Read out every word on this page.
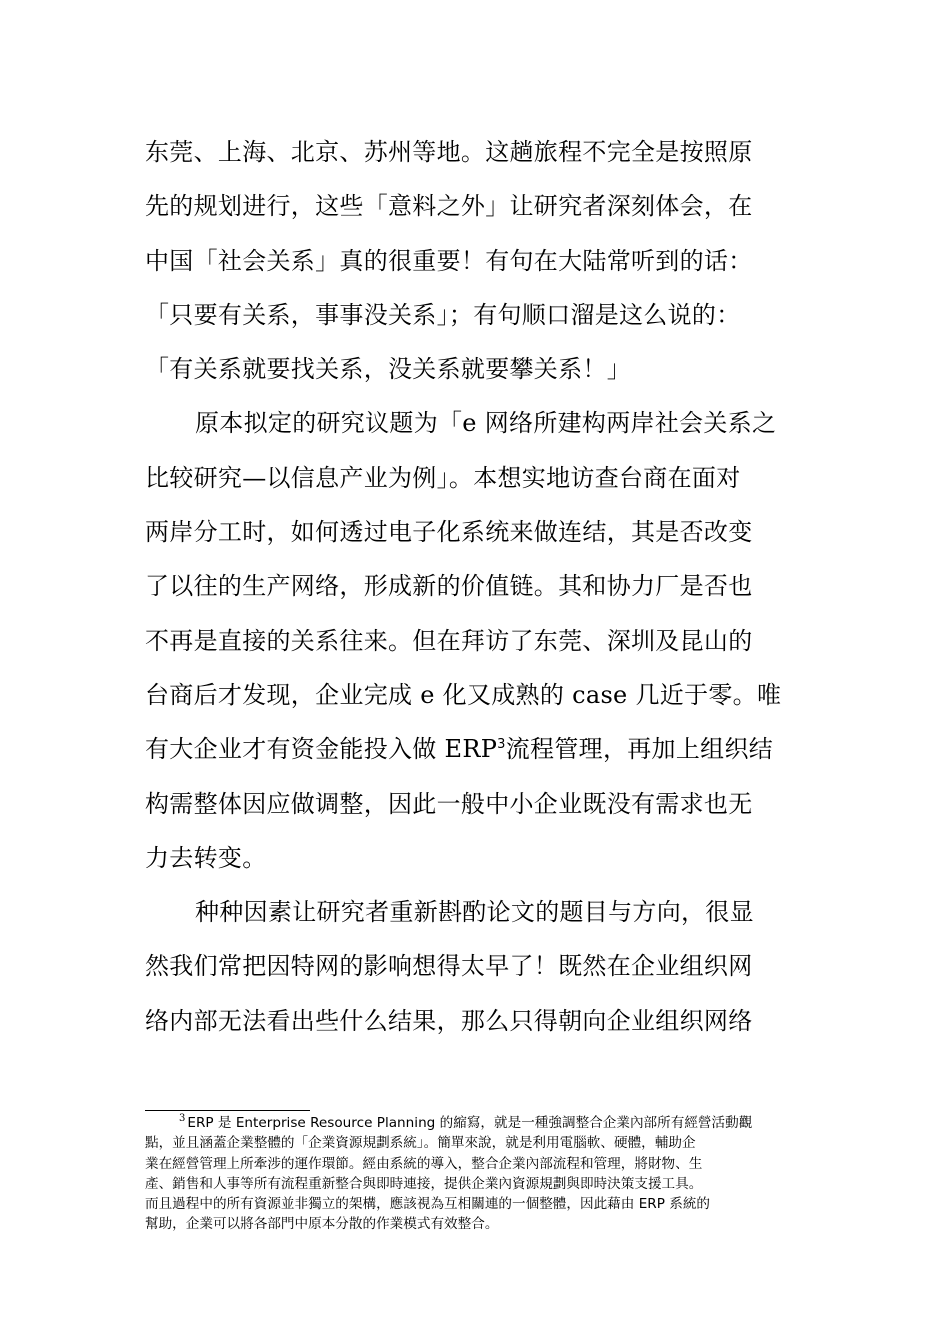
东莞、上海、北京、苏州等地。这趟旅程不完全是按照原
先的规划进行，这些「意料之外」让研究者深刻体会，在
中国「社会关系」真的很重要！有句在大陆常听到的话：
「只要有关系，事事没关系」；有句顺口溜是这么说的：
「有关系就要找关系，没关系就要攀关系！」
原本拟定的研究议题为「e 网络所建构两岸社会关系之
比较研究—以信息产业为例」。本想实地访查台商在面对
两岸分工时，如何透过电子化系统来做连结，其是否改变
了以往的生产网络，形成新的价值链。其和协力厂是否也
不再是直接的关系往来。但在拜访了东莞、深圳及昆山的
台商后才发现，企业完成 e 化又成熟的 case 几近于零。唯
有大企业才有资金能投入做 ERP$^3$流程管理，再加上组织结
构需整体因应做调整，因此一般中小企业既没有需求也无
力去转变。
种种因素让研究者重新斟酌论文的题目与方向，很显
然我们常把因特网的影响想得太早了！既然在企业组织网
络内部无法看出些什么结果，那么只得朝向企业组织网络
$^3$ ERP 是 Enterprise Resource Planning 的縮寫，就是一種強調整合企業內部所有經營活動觀
點，並且涵蓋企業整體的「企業資源規劃系統」。簡單來說，就是利用電腦軟、硬體，輔助企
業在經營管理上所牽涉的運作環節。經由系統的導入，整合企業內部流程和管理，將財物、生
產、銷售和人事等所有流程重新整合與即時連接，提供企業內資源規劃與即時決策支援工具。
而且過程中的所有資源並非獨立的架構，應該視為互相關連的一個整體，因此藉由 ERP 系統的
幫助，企業可以將各部門中原本分散的作業模式有效整合。
